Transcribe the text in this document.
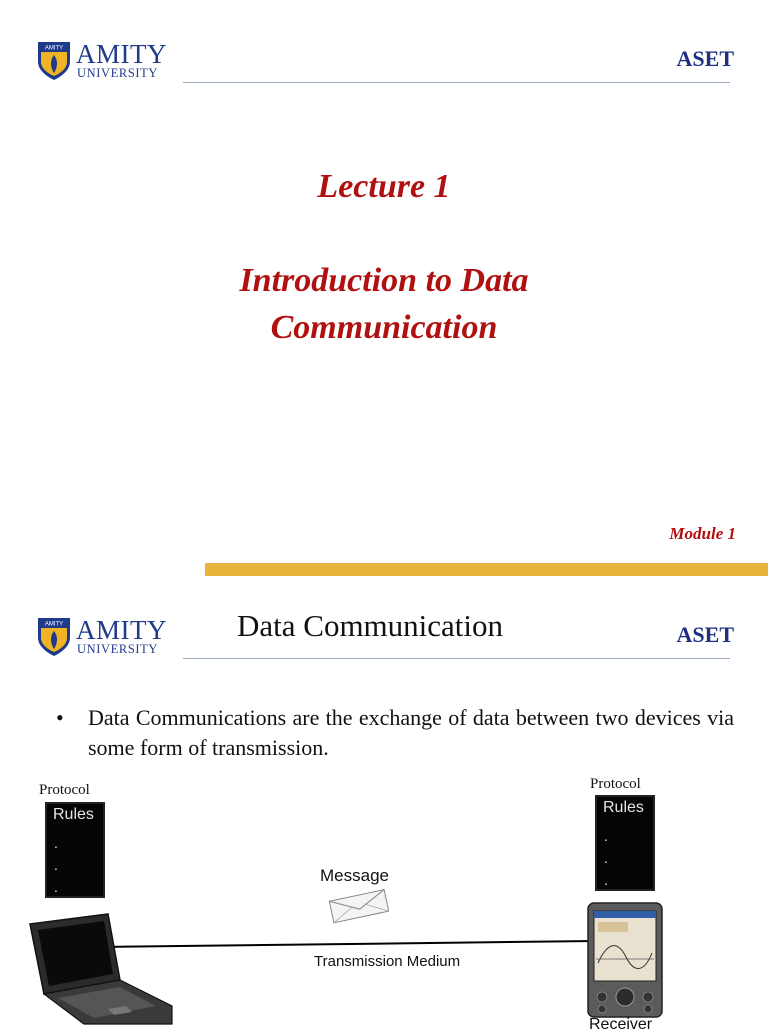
AMITY AMITY
UNIVERSITY
ASET
Lecture 1
Introduction to Data
Communication
Module 1
AMITY AMITY
UNIVERSITY
ASET
Data Communication
• Data Communications are the exchange of data between two devices via some form of transmission.
Protocol
Rules
.
.
.
Protocol
Rules
.
.
.
Message
Transmission Medium
Receiver
